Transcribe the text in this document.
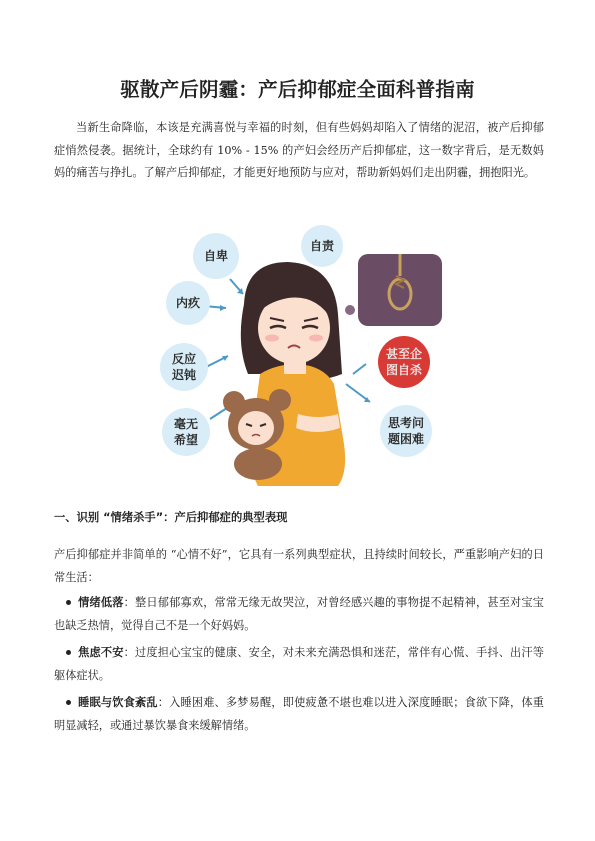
驱散产后阴霾：产后抑郁症全面科普指南

当新生命降临，本该是充满喜悦与幸福的时刻，但有些妈妈却陷入了情绪的泥沼，被产后抑郁症悄然侵袭。据统计，全球约有 10% - 15% 的产妇会经历产后抑郁症，这一数字背后，是无数妈妈的痛苦与挣扎。了解产后抑郁症，才能更好地预防与应对，帮助新妈妈们走出阴霾，拥抱阳光。

自卑
自责
内疚
反应
迟钝
毫无
希望
甚至企
图自杀
思考问
题困难
一、识别 “情绪杀手”：产后抑郁症的典型表现

产后抑郁症并非简单的 “心情不好”，它具有一系列典型症状，且持续时间较长，严重影响产妇的日常生活：

情绪低落：整日郁郁寡欢，常常无缘无故哭泣，对曾经感兴趣的事物提不起精神，甚至对宝宝也缺乏热情，觉得自己不是一个好妈妈。
焦虑不安：过度担心宝宝的健康、安全，对未来充满恐惧和迷茫，常伴有心慌、手抖、出汗等躯体症状。
睡眠与饮食紊乱：入睡困难、多梦易醒，即使疲惫不堪也难以进入深度睡眠；食欲下降，体重明显减轻，或通过暴饮暴食来缓解情绪。
